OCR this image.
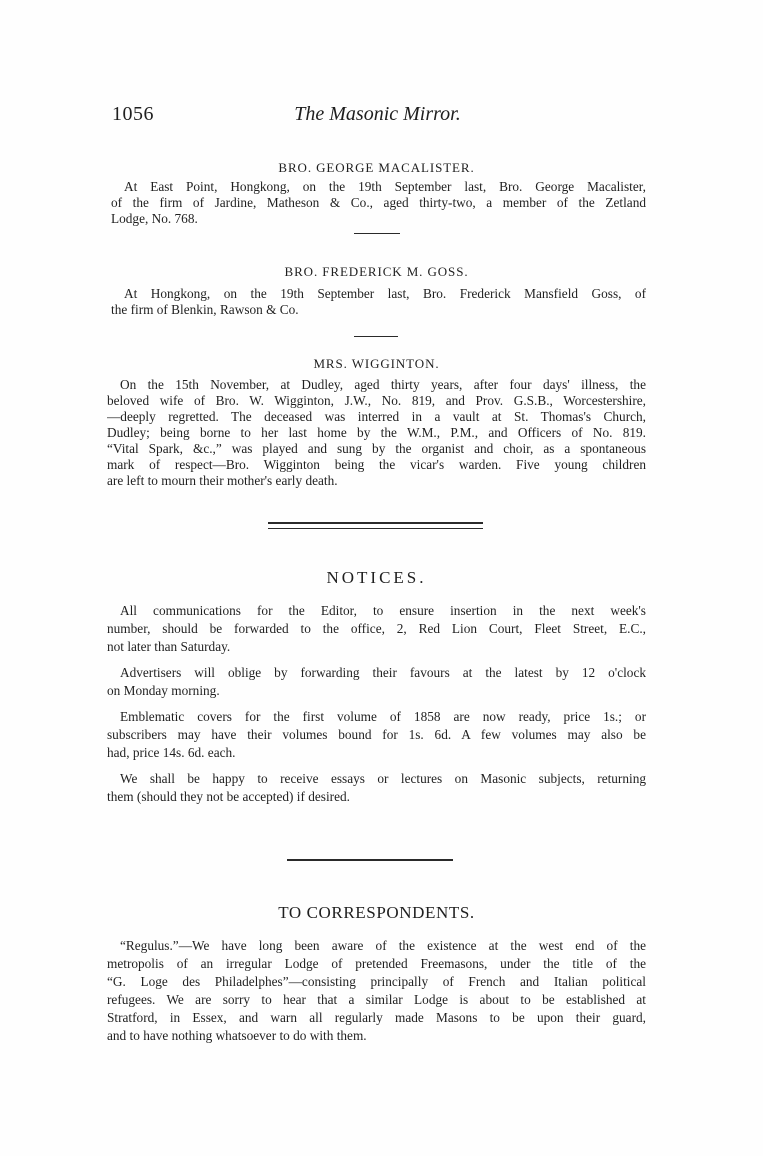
1056	The Masonic Mirror.
BRO. GEORGE MACALISTER.
At East Point, Hongkong, on the 19th September last, Bro. George Macalister,
of the firm of Jardine, Matheson & Co., aged thirty-two, a member of the Zetland
Lodge, No. 768.
BRO. FREDERICK M. GOSS.
At Hongkong, on the 19th September last, Bro. Frederick Mansfield Goss, of
the firm of Blenkin, Rawson & Co.
MRS. WIGGINTON.
On the 15th November, at Dudley, aged thirty years, after four days' illness, the
beloved wife of Bro. W. Wigginton, J.W., No. 819, and Prov. G.S.B., Worcestershire,
—deeply regretted. The deceased was interred in a vault at St. Thomas's Church,
Dudley; being borne to her last home by the W.M., P.M., and Officers of No. 819.
“Vital Spark, &c.,” was played and sung by the organist and choir, as a spontaneous
mark of respect—Bro. Wigginton being the vicar's warden. Five young children
are left to mourn their mother's early death.
NOTICES.
All communications for the Editor, to ensure insertion in the next week's
number, should be forwarded to the office, 2, Red Lion Court, Fleet Street, E.C.,
not later than Saturday.
Advertisers will oblige by forwarding their favours at the latest by 12 o'clock
on Monday morning.
Emblematic covers for the first volume of 1858 are now ready, price 1s.; or
subscribers may have their volumes bound for 1s. 6d. A few volumes may also be
had, price 14s. 6d. each.
We shall be happy to receive essays or lectures on Masonic subjects, returning
them (should they not be accepted) if desired.
TO CORRESPONDENTS.
“Regulus.”—We have long been aware of the existence at the west end of the
metropolis of an irregular Lodge of pretended Freemasons, under the title of the
“G. Loge des Philadelphes”—consisting principally of French and Italian political
refugees. We are sorry to hear that a similar Lodge is about to be established at
Stratford, in Essex, and warn all regularly made Masons to be upon their guard,
and to have nothing whatsoever to do with them.
